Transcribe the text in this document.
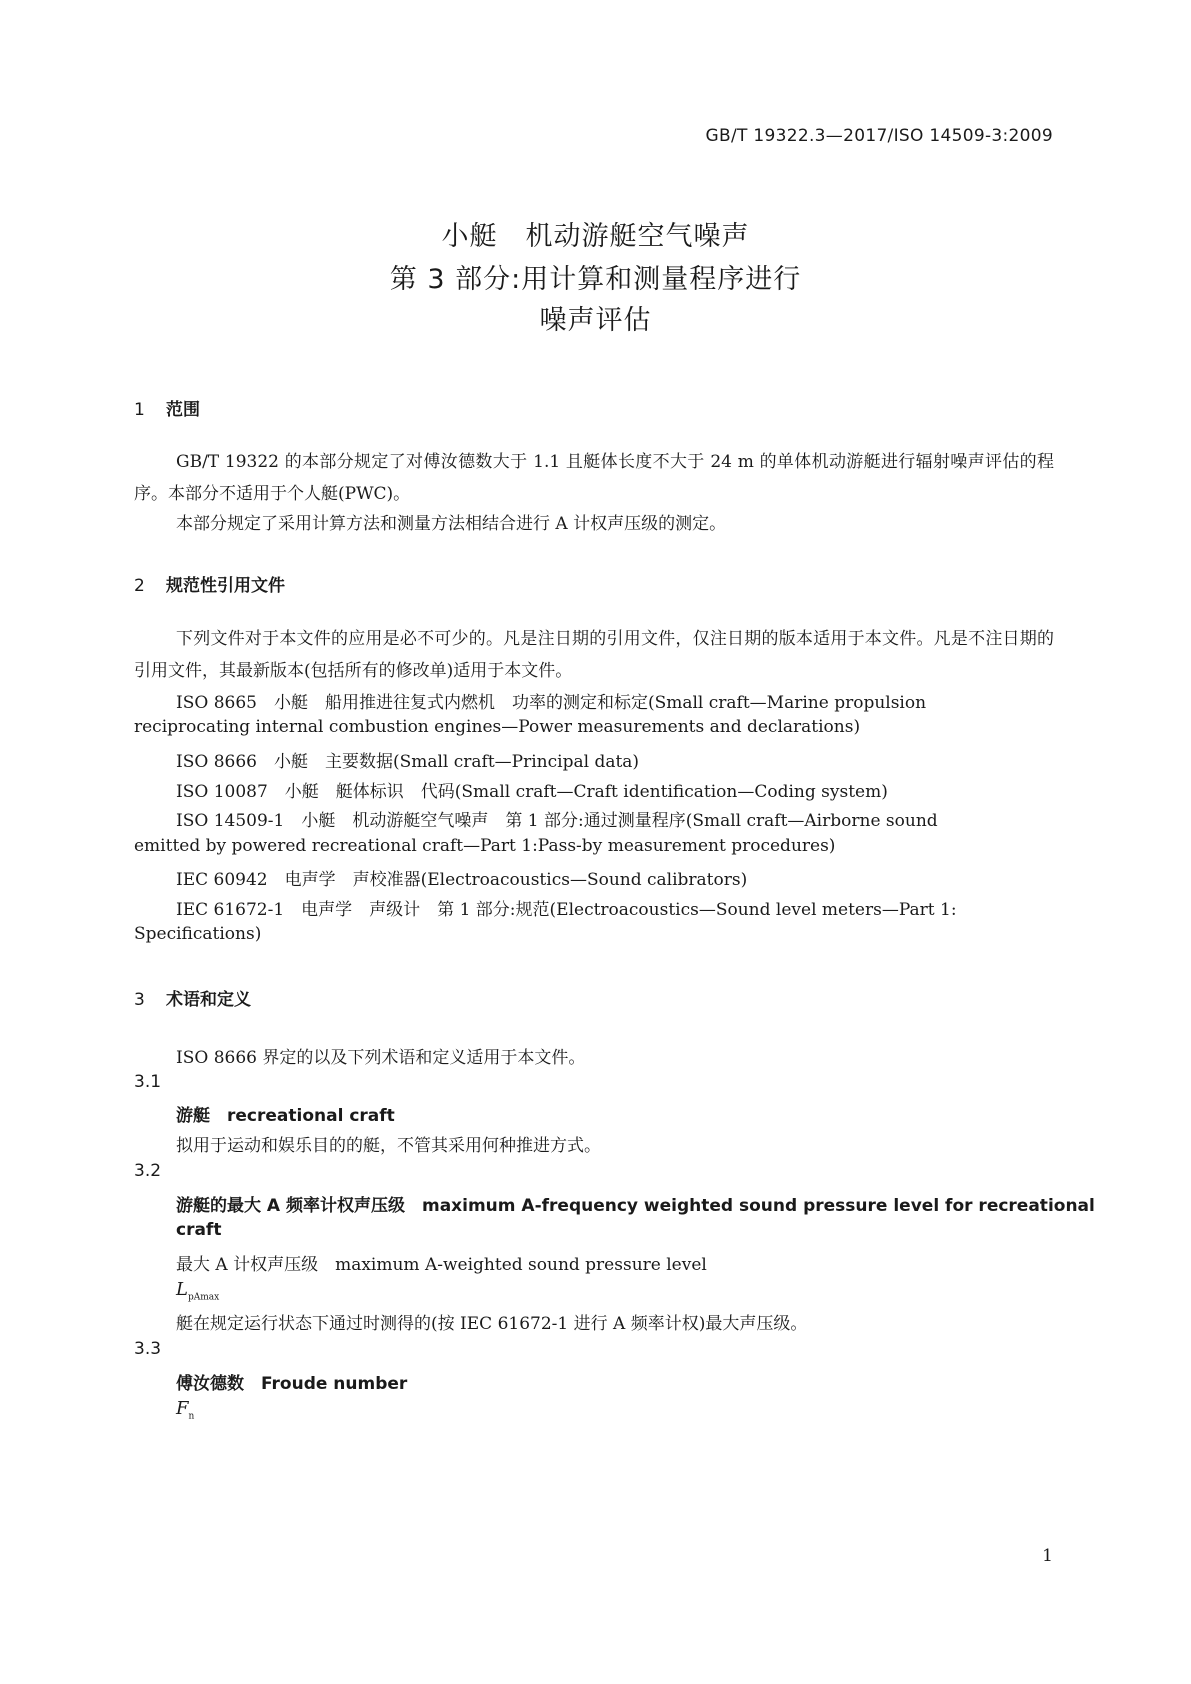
GB/T 19322.3—2017/ISO 14509-3:2009
小艇　机动游艇空气噪声
第 3 部分:用计算和测量程序进行
噪声评估
1 范围
GB/T 19322 的本部分规定了对傅汝德数大于 1.1 且艇体长度不大于 24 m 的单体机动游艇进行辐射噪声评估的程序。本部分不适用于个人艇(PWC)。
本部分规定了采用计算方法和测量方法相结合进行 A 计权声压级的测定。
2 规范性引用文件
下列文件对于本文件的应用是必不可少的。凡是注日期的引用文件，仅注日期的版本适用于本文件。凡是不注日期的引用文件，其最新版本(包括所有的修改单)适用于本文件。
ISO 8665　小艇　船用推进往复式内燃机　功率的测定和标定(Small craft—Marine propulsion
reciprocating internal combustion engines—Power measurements and declarations)
ISO 8666　小艇　主要数据(Small craft—Principal data)
ISO 10087　小艇　艇体标识　代码(Small craft—Craft identification—Coding system)
ISO 14509-1　小艇　机动游艇空气噪声　第 1 部分:通过测量程序(Small craft—Airborne sound
emitted by powered recreational craft—Part 1:Pass-by measurement procedures)
IEC 60942　电声学　声校准器(Electroacoustics—Sound calibrators)
IEC 61672-1　电声学　声级计　第 1 部分:规范(Electroacoustics—Sound level meters—Part 1:
Specifications)
3 术语和定义
ISO 8666 界定的以及下列术语和定义适用于本文件。
3.1
游艇　recreational craft
拟用于运动和娱乐目的的艇，不管其采用何种推进方式。
3.2
游艇的最大 A 频率计权声压级　maximum A-frequency weighted sound pressure level for recreational
craft
最大 A 计权声压级　maximum A-weighted sound pressure level
$L_{pAmax}$
艇在规定运行状态下通过时测得的(按 IEC 61672-1 进行 A 频率计权)最大声压级。
3.3
傅汝德数　Froude number
$F_n$
1
